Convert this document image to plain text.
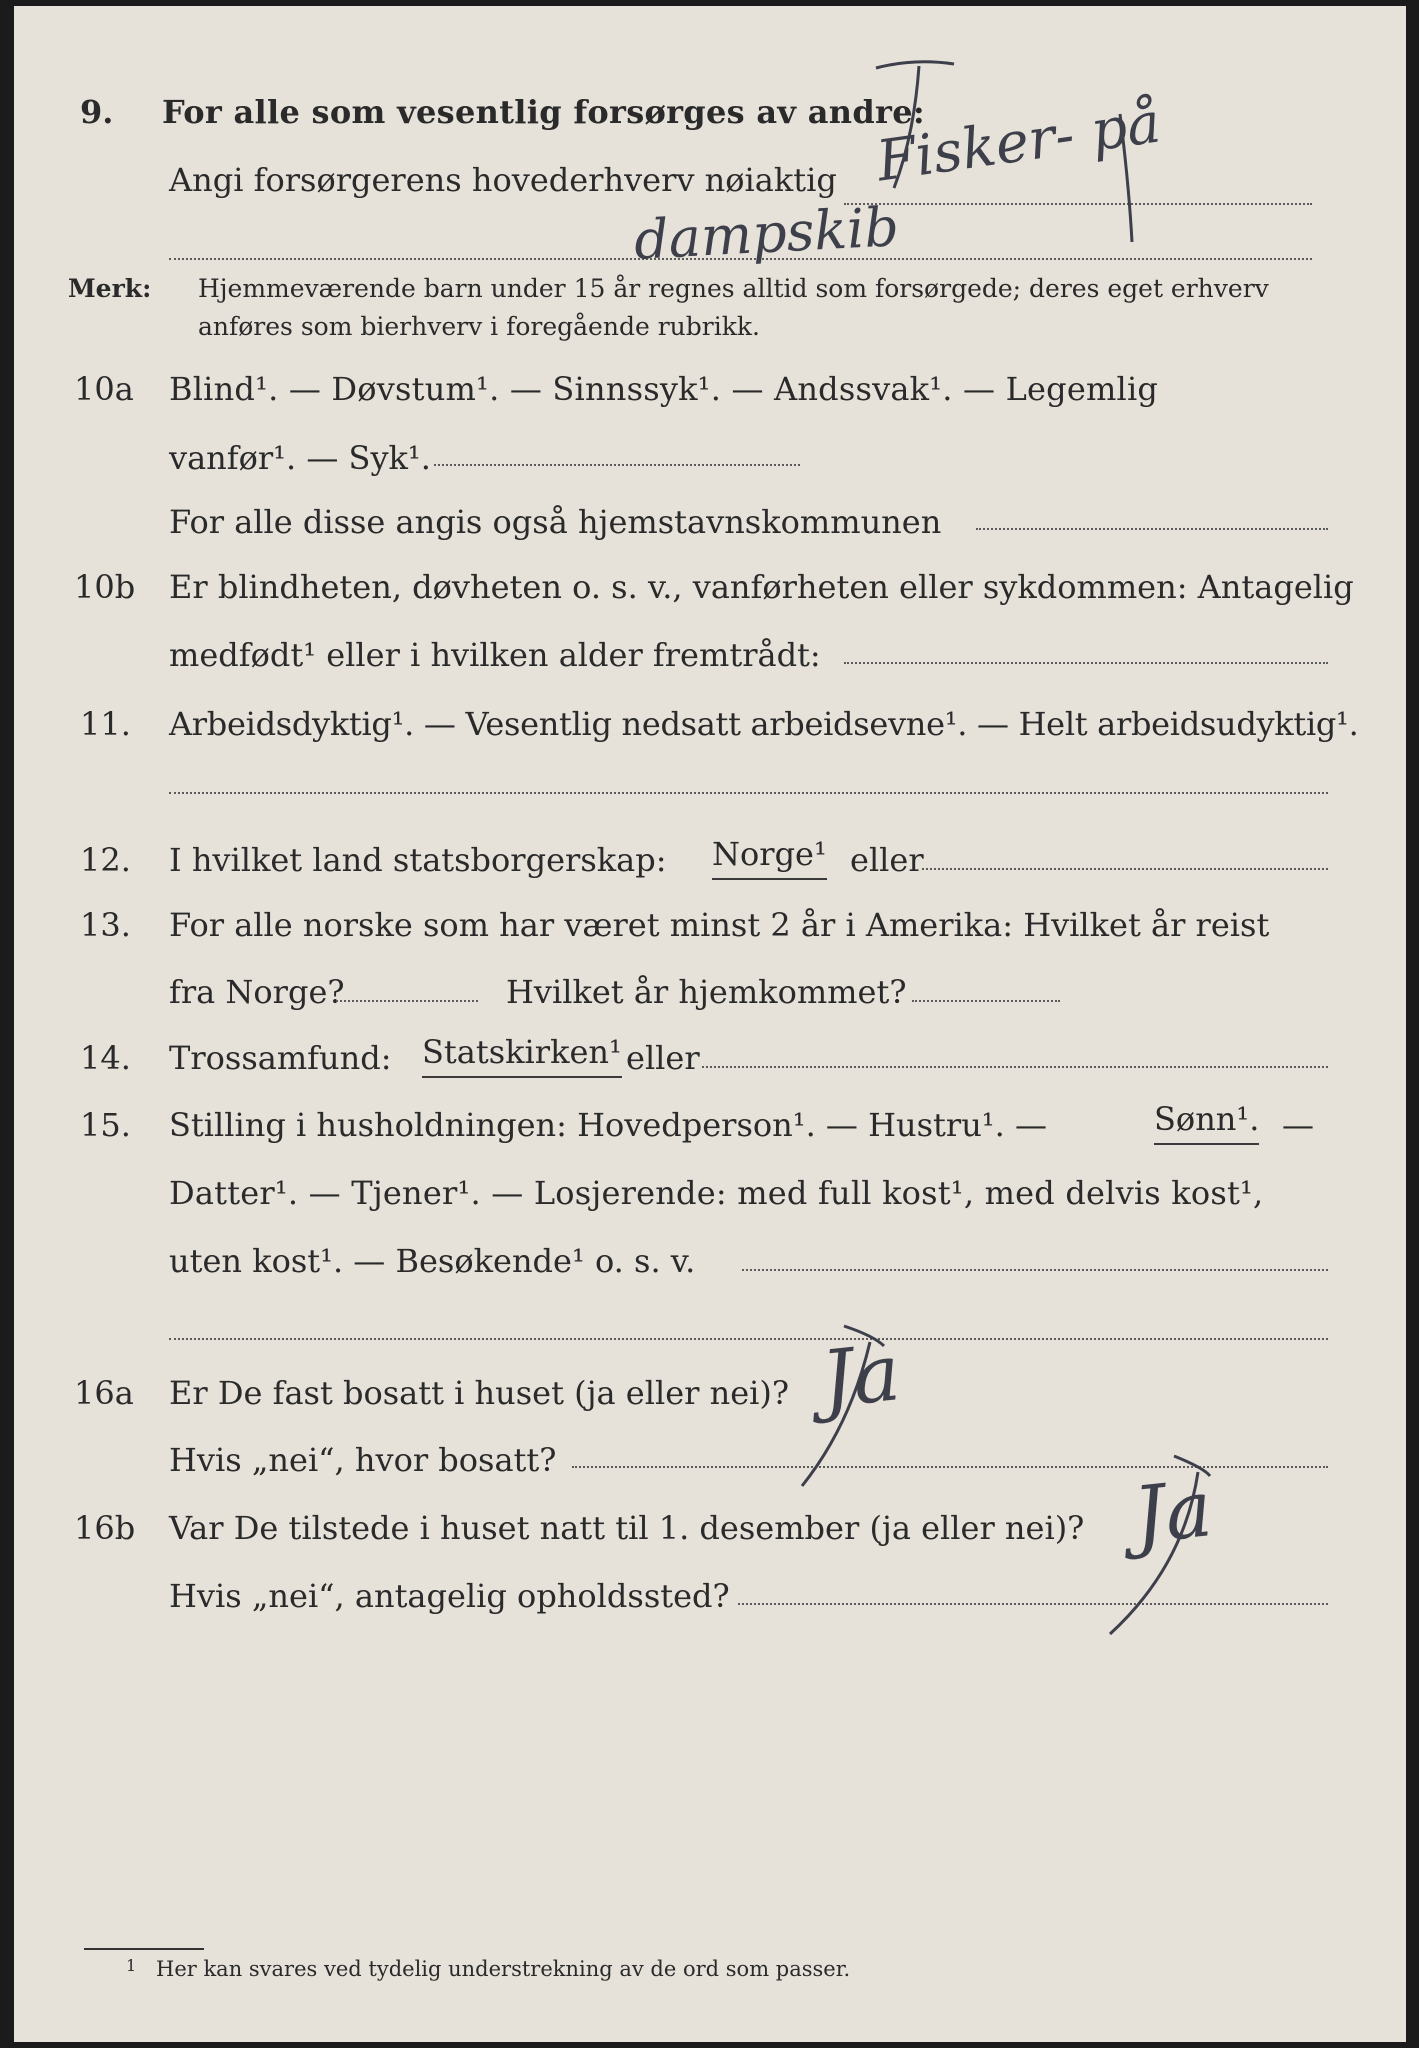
9. For alle som vesentlig forsørges av andre:
Angi forsørgerens hovederhverv nøiaktig Fisker- på
dampskib
Merk: Hjemmeværende barn under 15 år regnes alltid som forsørgede; deres eget erhverv
anføres som bierhverv i foregående rubrikk.
10a Blind¹. — Døvstum¹. — Sinnssyk¹. — Andssvak¹. — Legemlig
vanfør¹. — Syk¹.
For alle disse angis også hjemstavnskommunen
10b Er blindheten, døvheten o. s. v., vanførheten eller sykdommen: Antagelig
medfødt¹ eller i hvilken alder fremtrådt:
11. Arbeidsdyktig¹. — Vesentlig nedsatt arbeidsevne¹. — Helt arbeidsudyktig¹.
12. I hvilket land statsborgerskap: Norge¹ eller
13. For alle norske som har været minst 2 år i Amerika: Hvilket år reist
fra Norge?	Hvilket år hjemkommet?
14. Trossamfund: Statskirken¹ eller
15. Stilling i husholdningen: Hovedperson¹. — Hustru¹. —	Sønn¹. —
Datter¹. — Tjener¹. — Losjerende: med full kost¹, med delvis kost¹,
uten kost¹. — Besøkende¹ o. s. v.
16a Er De fast bosatt i huset (ja eller nei)? Ja
Hvis „nei“, hvor bosatt?
16b Var De tilstede i huset natt til 1. desember (ja eller nei)? Ja
Hvis „nei“, antagelig opholdssted?
1 Her kan svares ved tydelig understrekning av de ord som passer.
